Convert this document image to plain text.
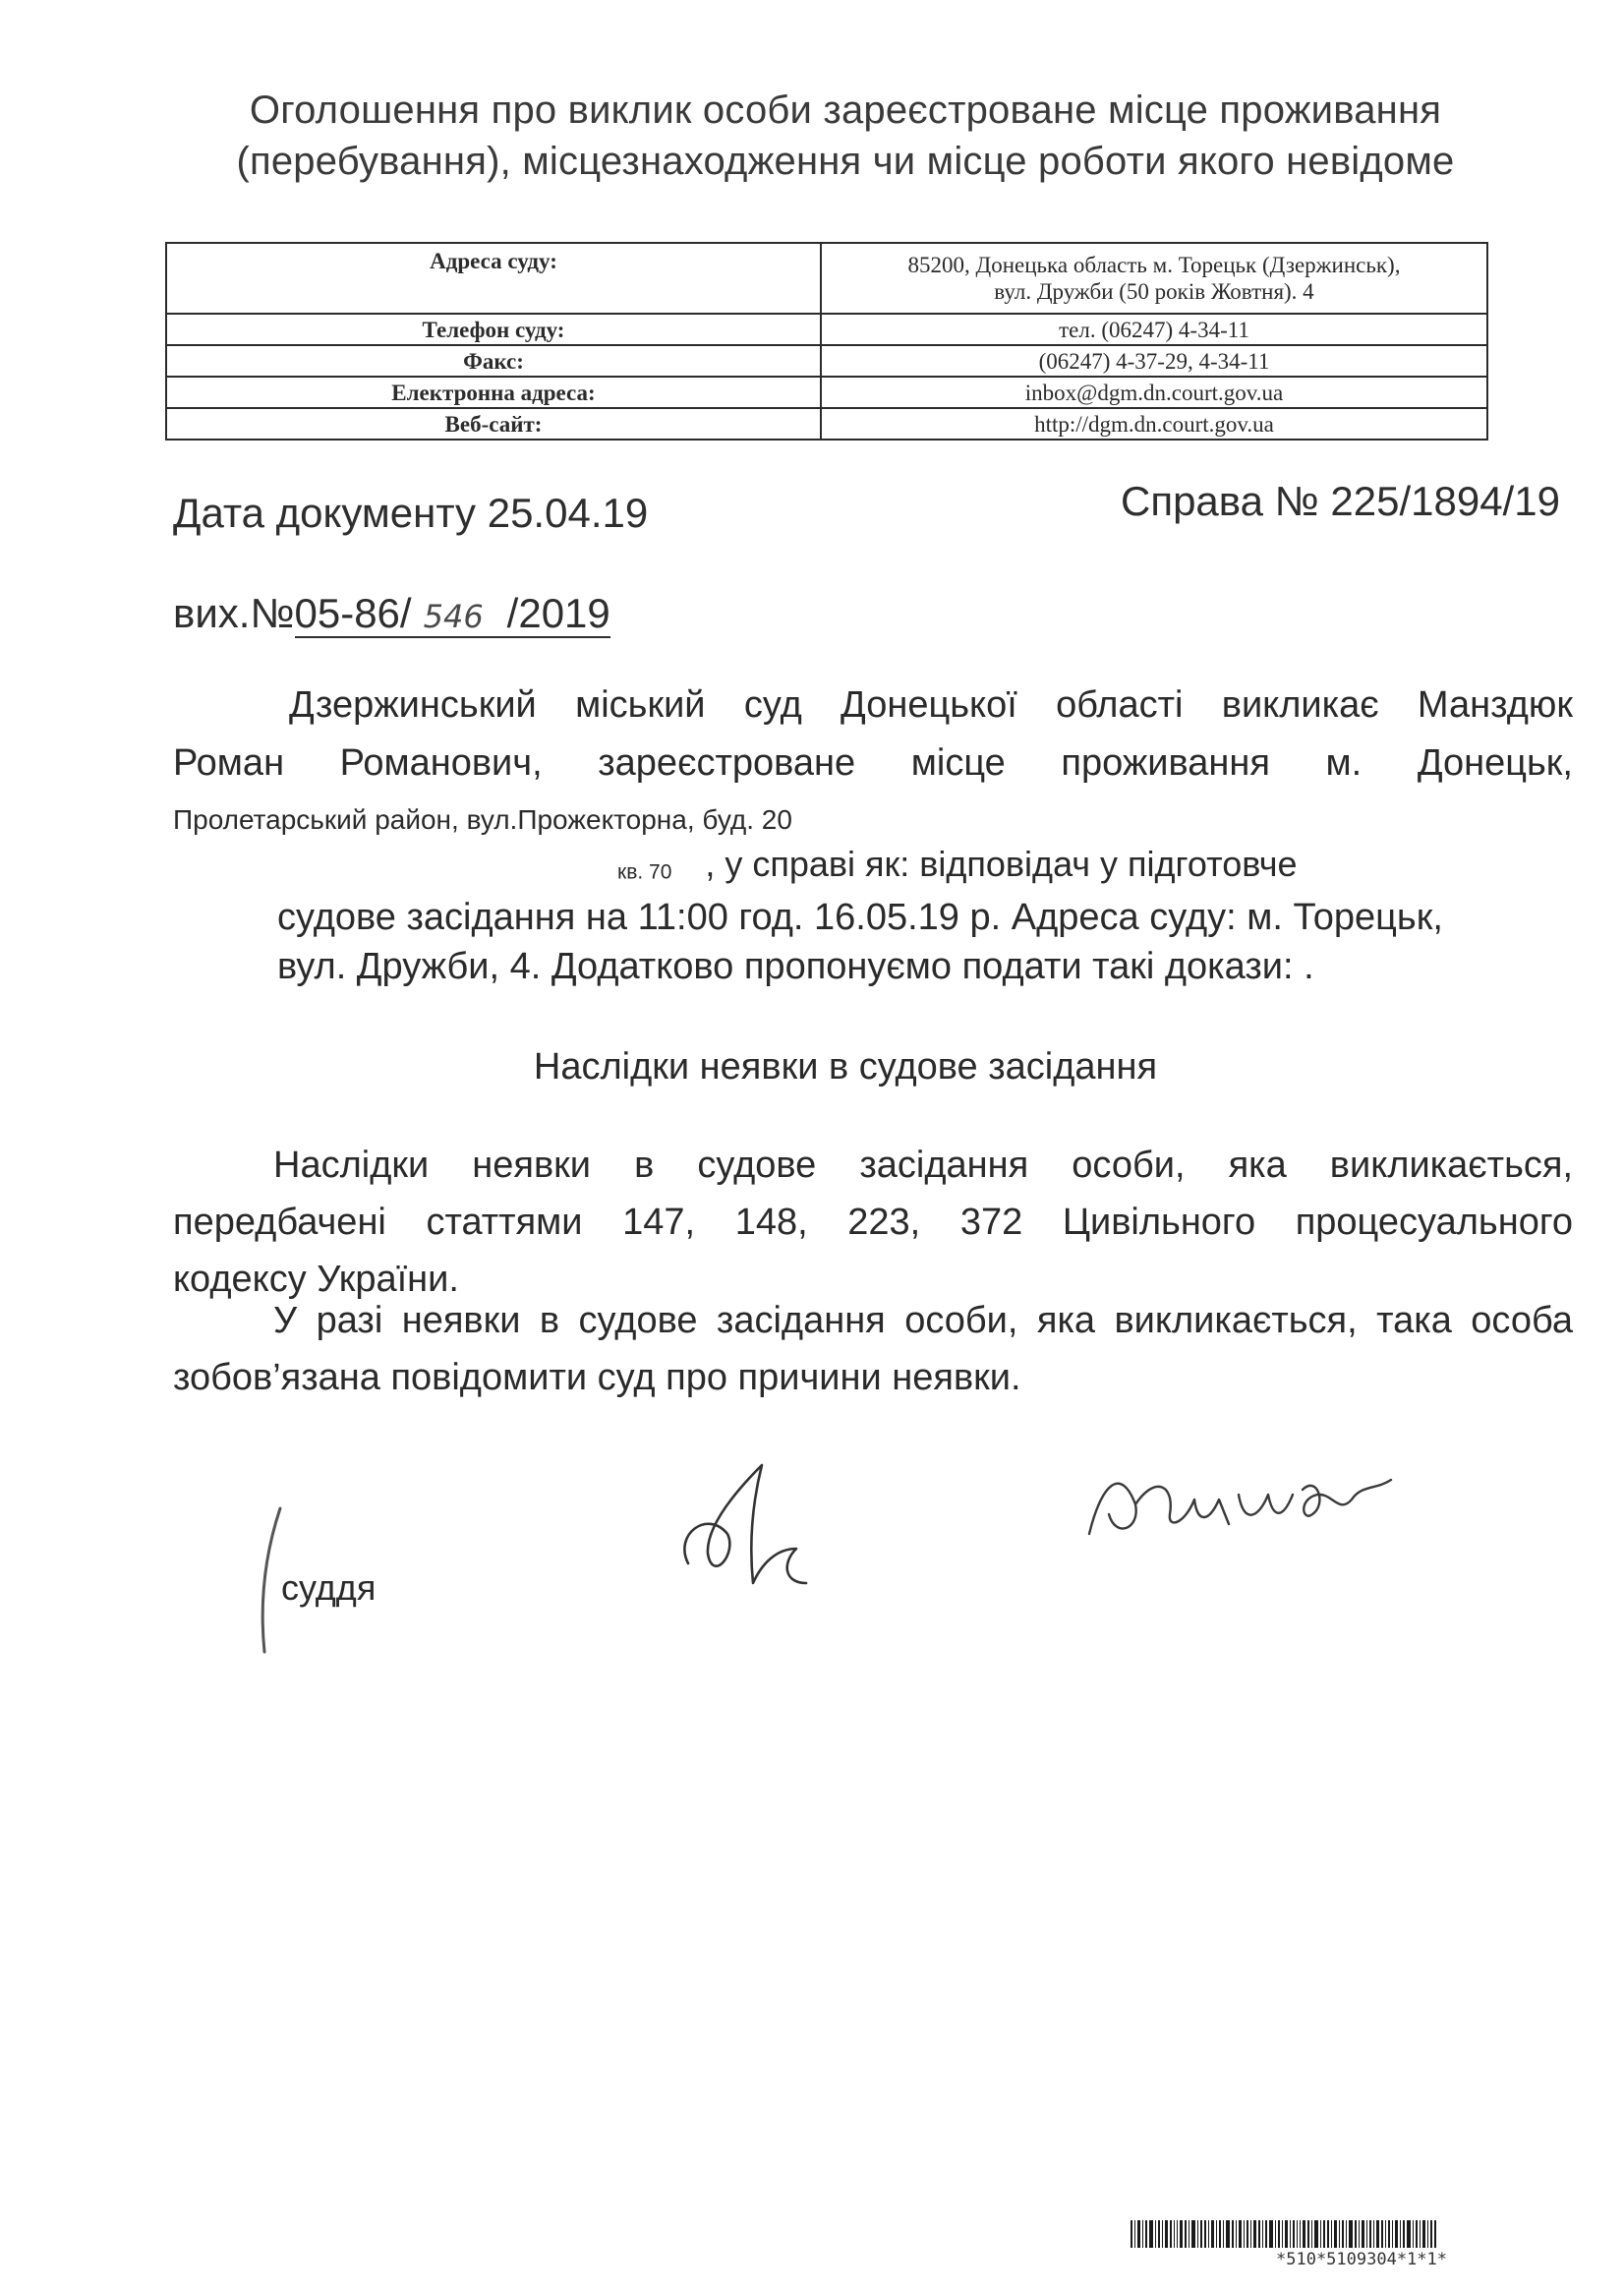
Оголошення про виклик особи зареєстроване місце проживання
(перебування), місцезнаходження чи місце роботи якого невідоме
Адреса суду:	85200, Донецька область м. Торецьк (Дзержинськ),
вул. Дружби (50 років Жовтня). 4

Телефон суду:	тел. (06247) 4-34-11
Факс:	(06247) 4-37-29, 4-34-11
Електронна адреса:	inbox@dgm.dn.court.gov.ua
Веб-сайт:	http://dgm.dn.court.gov.ua
Дата документу 25.04.19	Справа № 225/1894/19
вих.№05-86/ 546 /2019
Дзержинський міський суд Донецької області викликає Манздюк
Роман Романович, зареєстроване місце проживання м. Донецьк,
Пролетарський район, вул.Прожекторна, буд. 20
кв. 70 , у справі як: відповідач у підготовче
судове засідання на 11:00 год. 16.05.19 р. Адреса суду: м. Торецьк,
вул. Дружби, 4. Додатково пропонуємо подати такі докази: .
Наслідки неявки в судове засідання
Наслідки неявки в судове засідання особи, яка викликається,
передбачені статтями 147, 148, 223, 372 Цивільного процесуального
кодексу України.
У разі неявки в судове засідання особи, яка викликається, така особа
зобов’язана повідомити суд про причини неявки.
суддя
*510*5109304*1*1*
